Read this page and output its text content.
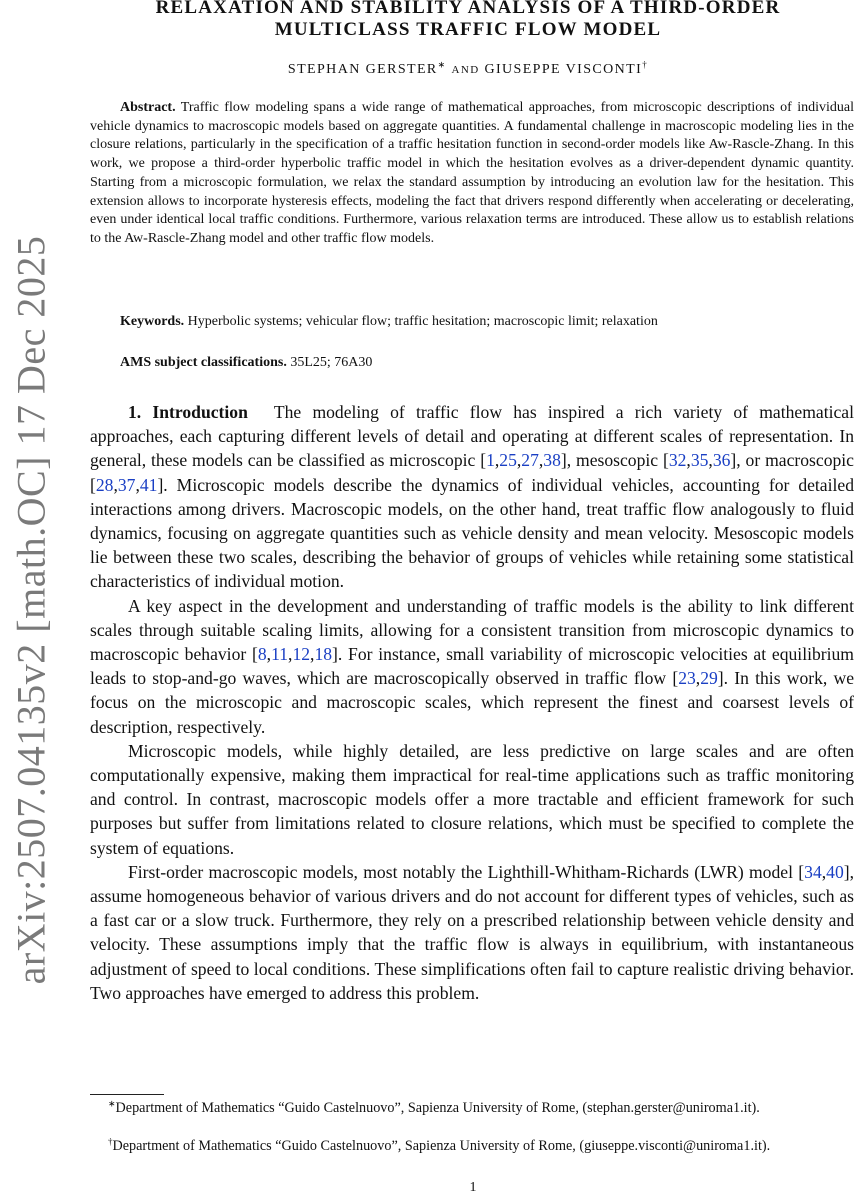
arXiv:2507.04135v2 [math.OC] 17 Dec 2025
RELAXATION AND STABILITY ANALYSIS OF A THIRD-ORDER
MULTICLASS TRAFFIC FLOW MODEL
STEPHAN GERSTER∗ AND GIUSEPPE VISCONTI†
Abstract. Traffic flow modeling spans a wide range of mathematical approaches, from microscopic descriptions of individual vehicle dynamics to macroscopic models based on aggregate quantities. A fundamental challenge in macroscopic modeling lies in the closure relations, particularly in the specification of a traffic hesitation function in second-order models like Aw-Rascle-Zhang. In this work, we propose a third-order hyperbolic traffic model in which the hesitation evolves as a driver-dependent dynamic quantity. Starting from a microscopic formulation, we relax the standard assumption by introducing an evolution law for the hesitation. This extension allows to incorporate hysteresis effects, modeling the fact that drivers respond differently when accelerating or decelerating, even under identical local traffic conditions. Furthermore, various relaxation terms are introduced. These allow us to establish relations to the Aw-Rascle-Zhang model and other traffic flow models.
Keywords. Hyperbolic systems; vehicular flow; traffic hesitation; macroscopic limit; relaxation
AMS subject classifications. 35L25; 76A30

1. Introduction The modeling of traffic flow has inspired a rich variety of mathematical approaches, each capturing different levels of detail and operating at different scales of representation. In general, these models can be classified as microscopic [1,25,27,38], mesoscopic [32,35,36], or macroscopic [28,37,41]. Microscopic models describe the dynamics of individual vehicles, accounting for detailed interactions among drivers. Macroscopic models, on the other hand, treat traffic flow analogously to fluid dynamics, focusing on aggregate quantities such as vehicle density and mean velocity. Mesoscopic models lie between these two scales, describing the behavior of groups of vehicles while retaining some statistical characteristics of individual motion.

A key aspect in the development and understanding of traffic models is the ability to link different scales through suitable scaling limits, allowing for a consistent transition from microscopic dynamics to macroscopic behavior [8,11,12,18]. For instance, small variability of microscopic velocities at equilibrium leads to stop-and-go waves, which are macroscopically observed in traffic flow [23,29]. In this work, we focus on the microscopic and macroscopic scales, which represent the finest and coarsest levels of description, respectively.

Microscopic models, while highly detailed, are less predictive on large scales and are often computationally expensive, making them impractical for real-time applications such as traffic monitoring and control. In contrast, macroscopic models offer a more tractable and efficient framework for such purposes but suffer from limitations related to closure relations, which must be specified to complete the system of equations.

First-order macroscopic models, most notably the Lighthill-Whitham-Richards (LWR) model [34,40], assume homogeneous behavior of various drivers and do not account for different types of vehicles, such as a fast car or a slow truck. Furthermore, they rely on a prescribed relationship between vehicle density and velocity. These assumptions imply that the traffic flow is always in equilibrium, with instantaneous adjustment of speed to local conditions. These simplifications often fail to capture realistic driving behavior. Two approaches have emerged to address this problem.

∗Department of Mathematics “Guido Castelnuovo”, Sapienza University of Rome, (stephan.gerster@uniroma1.it).
†Department of Mathematics “Guido Castelnuovo”, Sapienza University of Rome, (giuseppe.visconti@uniroma1.it).
1
